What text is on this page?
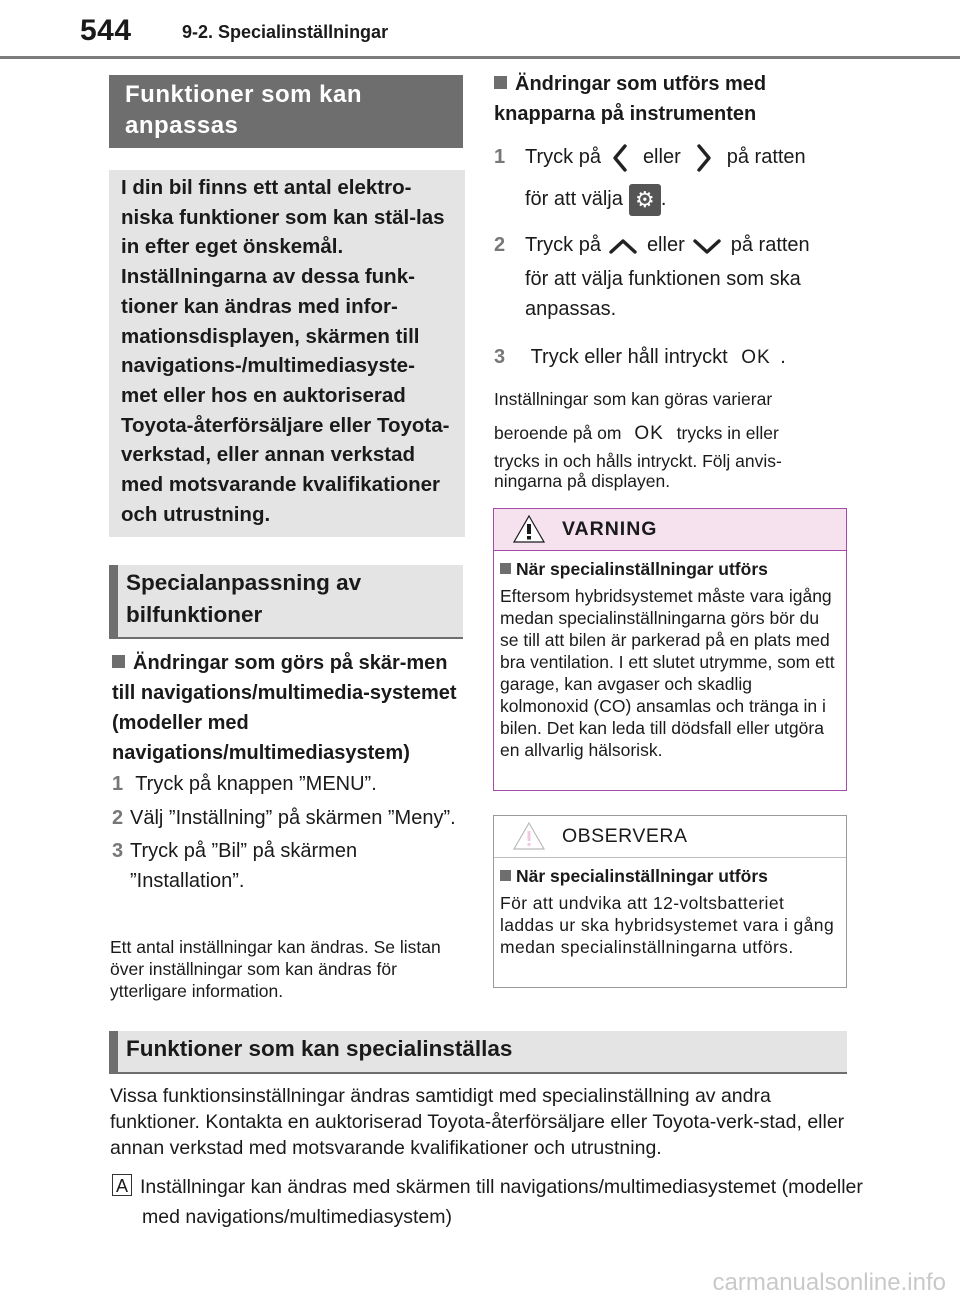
544	9-2. Specialinställningar
Funktioner som kan anpassas
I din bil finns ett antal elektro-niska funktioner som kan stäl-las in efter eget önskemål. Inställningarna av dessa funk-tioner kan ändras med infor-mationsdisplayen, skärmen till navigations-/multimediasyste-met eller hos en auktoriserad Toyota-återförsäljare eller Toyota-verkstad, eller annan verkstad med motsvarande kvalifikationer och utrustning.
Specialanpassning av bilfunktioner
Ändringar som görs på skär-men till navigations/multimedia-systemet (modeller med navigations/multimediasystem)
1 Tryck på knappen ”MENU”.
2 Välj ”Inställning” på skärmen ”Meny”.
3 Tryck på ”Bil” på skärmen ”Installation”.
Ett antal inställningar kan ändras. Se listan över inställningar som kan ändras för ytterligare information.
Ändringar som utförs med knapparna på instrumenten
1 Tryck på eller på ratten
för att välja ⚙ .
2 Tryck på eller på ratten
för att välja funktionen som ska anpassas.
3 Tryck eller håll intryckt OK .
Inställningar som kan göras varierar
beroende på om OK trycks in eller
trycks in och hålls intryckt. Följ anvis-ningarna på displayen.
VARNING
När specialinställningar utförs
Eftersom hybridsystemet måste vara igång medan specialinställningarna görs bör du se till att bilen är parkerad på en plats med bra ventilation. I ett slutet utrymme, som ett garage, kan avgaser och skadlig kolmonoxid (CO) ansamlas och tränga in i bilen. Det kan leda till dödsfall eller utgöra en allvarlig hälsorisk.
OBSERVERA
När specialinställningar utförs
För att undvika att 12-voltsbatteriet laddas ur ska hybridsystemet vara i gång medan specialinställningarna utförs.
Funktioner som kan specialinställas
Vissa funktionsinställningar ändras samtidigt med specialinställning av andra funktioner. Kontakta en auktoriserad Toyota-återförsäljare eller Toyota-verk-stad, eller annan verkstad med motsvarande kvalifikationer och utrustning.
A Inställningar kan ändras med skärmen till navigations/multimediasystemet (modeller med navigations/multimediasystem)
carmanualsonline.info
